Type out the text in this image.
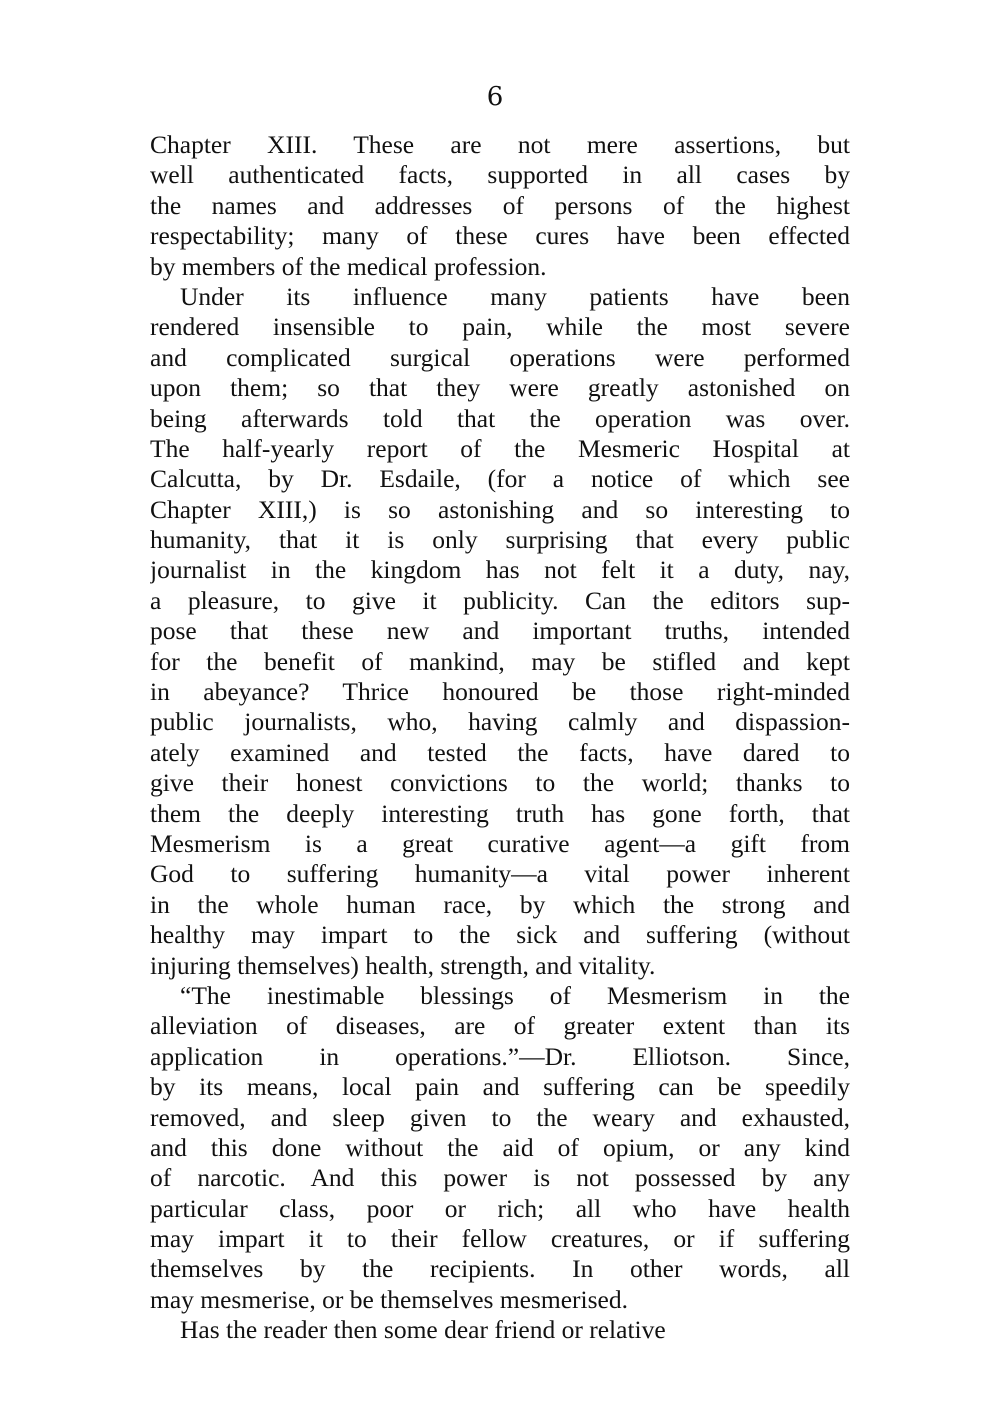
6
Chapter XIII. These are not mere assertions, but
well authenticated facts, supported in all cases by
the names and addresses of persons of the highest
respectability; many of these cures have been effected
by members of the medical profession.
Under its influence many patients have been
rendered insensible to pain, while the most severe
and complicated surgical operations were performed
upon them; so that they were greatly astonished on
being afterwards told that the operation was over.
The half-yearly report of the Mesmeric Hospital at
Calcutta, by Dr. Esdaile, (for a notice of which see
Chapter XIII,) is so astonishing and so interesting to
humanity, that it is only surprising that every public
journalist in the kingdom has not felt it a duty, nay,
a pleasure, to give it publicity. Can the editors sup-
pose that these new and important truths, intended
for the benefit of mankind, may be stifled and kept
in abeyance? Thrice honoured be those right-minded
public journalists, who, having calmly and dispassion-
ately examined and tested the facts, have dared to
give their honest convictions to the world; thanks to
them the deeply interesting truth has gone forth, that
Mesmerism is a great curative agent—a gift from
God to suffering humanity—a vital power inherent
in the whole human race, by which the strong and
healthy may impart to the sick and suffering (without
injuring themselves) health, strength, and vitality.
“The inestimable blessings of Mesmerism in the
alleviation of diseases, are of greater extent than its
application in operations.”—Dr. Elliotson. Since,
by its means, local pain and suffering can be speedily
removed, and sleep given to the weary and exhausted,
and this done without the aid of opium, or any kind
of narcotic. And this power is not possessed by any
particular class, poor or rich; all who have health
may impart it to their fellow creatures, or if suffering
themselves by the recipients. In other words, all
may mesmerise, or be themselves mesmerised.
Has the reader then some dear friend or relative
